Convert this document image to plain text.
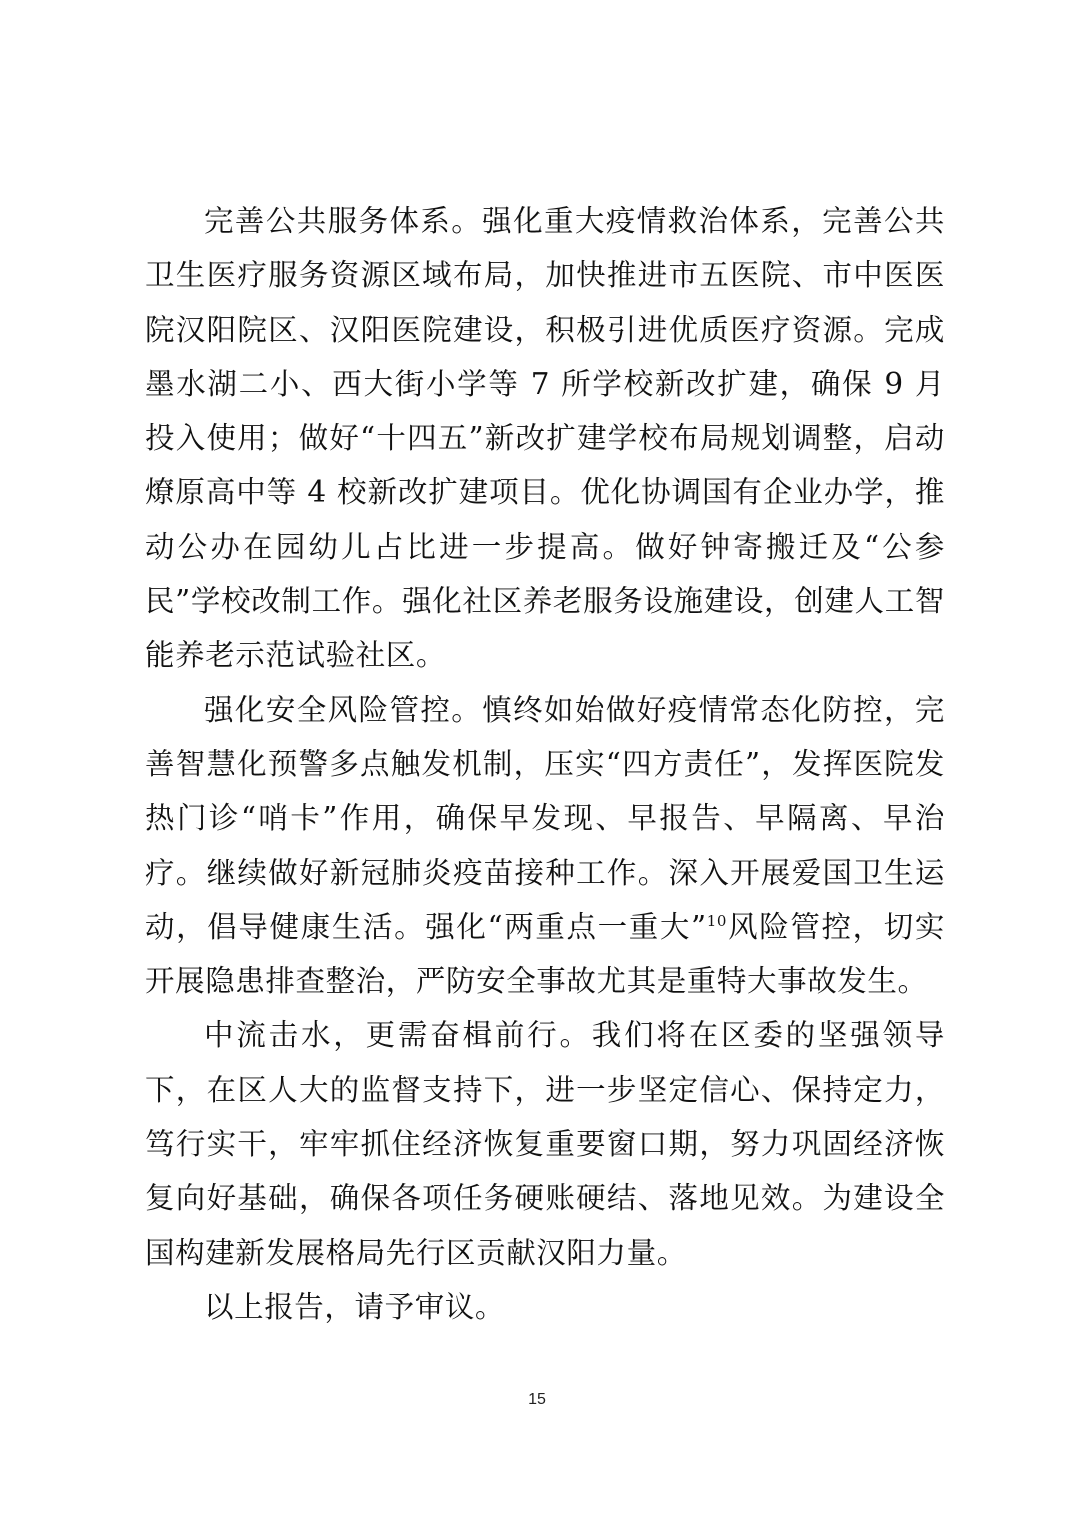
完善公共服务体系。强化重大疫情救治体系，完善公共卫生医疗服务资源区域布局，加快推进市五医院、市中医医院汉阳院区、汉阳医院建设，积极引进优质医疗资源。完成墨水湖二小、西大街小学等 7 所学校新改扩建，确保 9 月投入使用；做好“十四五”新改扩建学校布局规划调整，启动燎原高中等 4 校新改扩建项目。优化协调国有企业办学，推动公办在园幼儿占比进一步提高。做好钟寄搬迁及“公参民”学校改制工作。强化社区养老服务设施建设，创建人工智能养老示范试验社区。

强化安全风险管控。慎终如始做好疫情常态化防控，完善智慧化预警多点触发机制，压实“四方责任”，发挥医院发热门诊“哨卡”作用，确保早发现、早报告、早隔离、早治疗。继续做好新冠肺炎疫苗接种工作。深入开展爱国卫生运动，倡导健康生活。强化“两重点一重大”$^{10}$风险管控，切实开展隐患排查整治，严防安全事故尤其是重特大事故发生。

中流击水，更需奋楫前行。我们将在区委的坚强领导下，在区人大的监督支持下，进一步坚定信心、保持定力，笃行实干，牢牢抓住经济恢复重要窗口期，努力巩固经济恢复向好基础，确保各项任务硬账硬结、落地见效。为建设全国构建新发展格局先行区贡献汉阳力量。

以上报告，请予审议。

15
